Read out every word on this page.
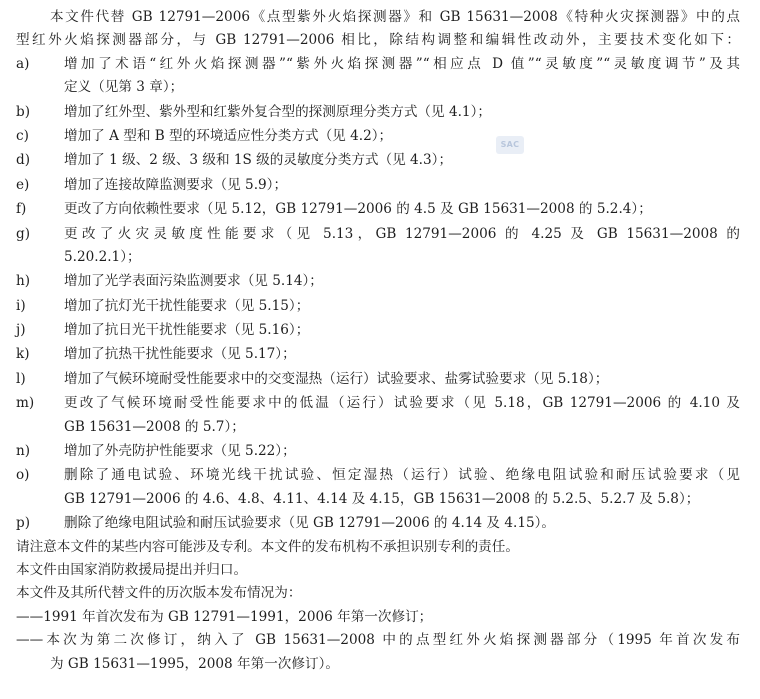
本文件代替 GB 12791—2006《点型紫外火焰探测器》和 GB 15631—2008《特种火灾探测器》中的点
型红外火焰探测器部分，与 GB 12791—2006 相比，除结构调整和编辑性改动外，主要技术变化如下：
a)	增加了术语“红外火焰探测器”“紫外火焰探测器”“相应点 D 值”“灵敏度”“灵敏度调节”及其
定义（见第 3 章）；
b)	增加了红外型、紫外型和红紫外复合型的探测原理分类方式（见 4.1）；
c)	增加了 A 型和 B 型的环境适应性分类方式（见 4.2）；
d)	增加了 1 级、2 级、3 级和 1S 级的灵敏度分类方式（见 4.3）；
e)	增加了连接故障监测要求（见 5.9）；
f)	更改了方向依赖性要求（见 5.12，GB 12791—2006 的 4.5 及 GB 15631—2008 的 5.2.4）；
g)	更改了火灾灵敏度性能要求（见 5.13，GB 12791—2006 的 4.25 及 GB 15631—2008 的
5.20.2.1）；
h)	增加了光学表面污染监测要求（见 5.14）；
i)	增加了抗灯光干扰性能要求（见 5.15）；
j)	增加了抗日光干扰性能要求（见 5.16）；
k)	增加了抗热干扰性能要求（见 5.17）；
l)	增加了气候环境耐受性能要求中的交变湿热（运行）试验要求、盐雾试验要求（见 5.18）；
m)	更改了气候环境耐受性能要求中的低温（运行）试验要求（见 5.18，GB 12791—2006 的 4.10 及
GB 15631—2008 的 5.7）；
n)	增加了外壳防护性能要求（见 5.22）；
o)	删除了通电试验、环境光线干扰试验、恒定湿热（运行）试验、绝缘电阻试验和耐压试验要求（见
GB 12791—2006 的 4.6、4.8、4.11、4.14 及 4.15，GB 15631—2008 的 5.2.5、5.2.7 及 5.8）；
p)	删除了绝缘电阻试验和耐压试验要求（见 GB 12791—2006 的 4.14 及 4.15）。
请注意本文件的某些内容可能涉及专利。本文件的发布机构不承担识别专利的责任。
本文件由国家消防救援局提出并归口。
本文件及其所代替文件的历次版本发布情况为：
——1991 年首次发布为 GB 12791—1991，2006 年第一次修订；
——本次为第二次修订，纳入了 GB 15631—2008 中的点型红外火焰探测器部分（1995 年首次发布
为 GB 15631—1995，2008 年第一次修订）。
SAC
